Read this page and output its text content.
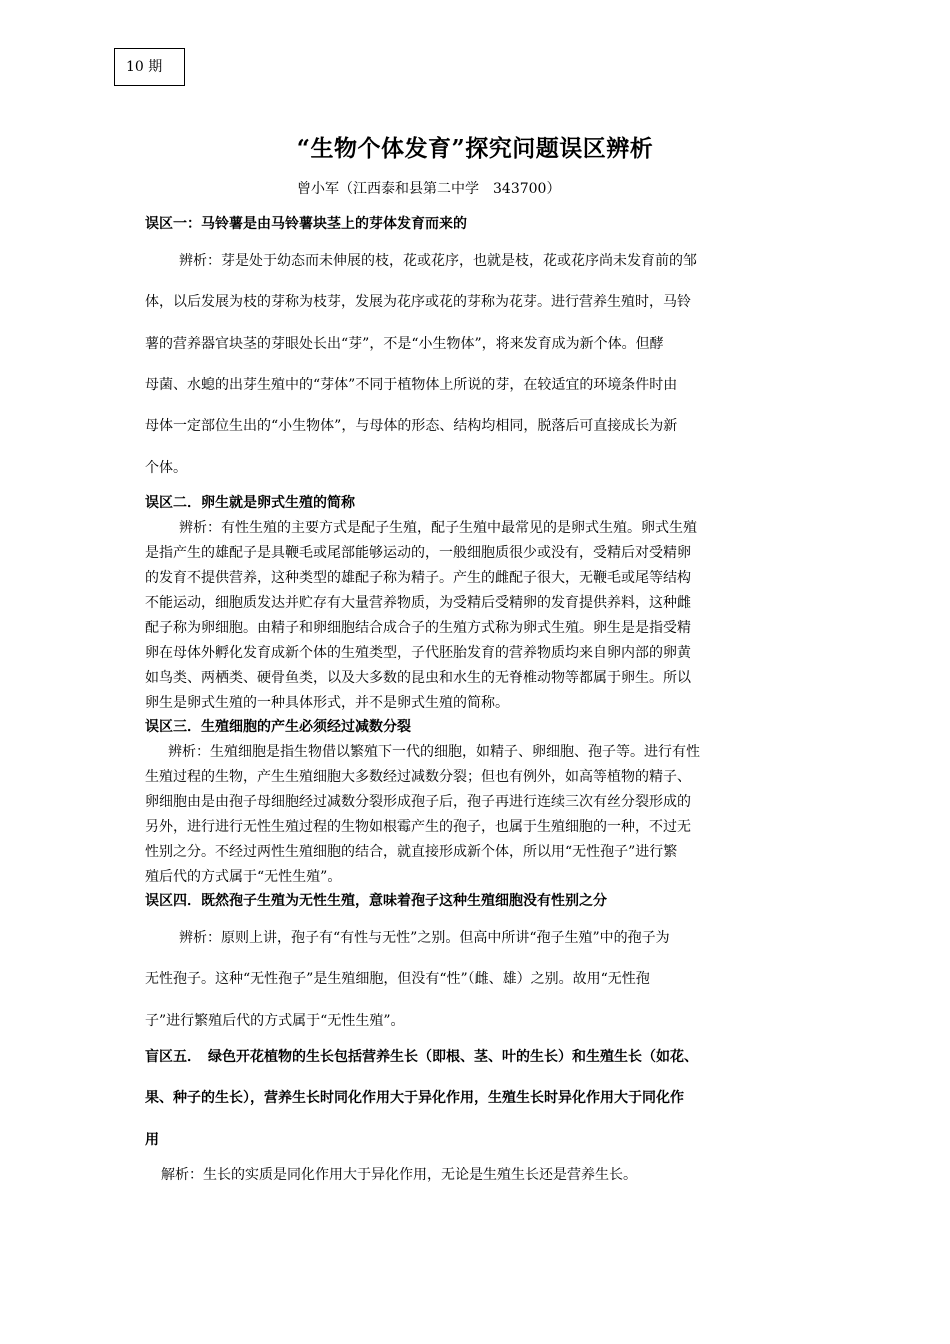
10 期
“生物个体发育”探究问题误区辨析
曾小军（江西泰和县第二中学　343700）
误区一：马铃薯是由马铃薯块茎上的芽体发育而来的
辨析：芽是处于幼态而未伸展的枝，花或花序，也就是枝，花或花序尚未发育前的邹
体，以后发展为枝的芽称为枝芽，发展为花序或花的芽称为花芽。进行营养生殖时，马铃
薯的营养器官块茎的芽眼处长出“芽”，不是“小生物体”，将来发育成为新个体。但酵
母菌、水螅的出芽生殖中的“芽体”不同于植物体上所说的芽，在较适宜的环境条件时由
母体一定部位生出的“小生物体”，与母体的形态、结构均相同，脱落后可直接成长为新
个体。
误区二．卵生就是卵式生殖的简称
辨析：有性生殖的主要方式是配子生殖，配子生殖中最常见的是卵式生殖。卵式生殖
是指产生的雄配子是具鞭毛或尾部能够运动的，一般细胞质很少或没有，受精后对受精卵
的发育不提供营养，这种类型的雄配子称为精子。产生的雌配子很大，无鞭毛或尾等结构
不能运动，细胞质发达并贮存有大量营养物质，为受精后受精卵的发育提供养料，这种雌
配子称为卵细胞。由精子和卵细胞结合成合子的生殖方式称为卵式生殖。卵生是是指受精
卵在母体外孵化发育成新个体的生殖类型，子代胚胎发育的营养物质均来自卵内部的卵黄
如鸟类、两栖类、硬骨鱼类，以及大多数的昆虫和水生的无脊椎动物等都属于卵生。所以
卵生是卵式生殖的一种具体形式，并不是卵式生殖的简称。
误区三．生殖细胞的产生必须经过减数分裂
辨析：生殖细胞是指生物借以繁殖下一代的细胞，如精子、卵细胞、孢子等。进行有性
生殖过程的生物，产生生殖细胞大多数经过减数分裂；但也有例外，如高等植物的精子、
卵细胞由是由孢子母细胞经过减数分裂形成孢子后，孢子再进行连续三次有丝分裂形成的
另外，进行进行无性生殖过程的生物如根霉产生的孢子，也属于生殖细胞的一种，不过无
性别之分。不经过两性生殖细胞的结合，就直接形成新个体，所以用“无性孢子”进行繁
殖后代的方式属于“无性生殖”。
误区四．既然孢子生殖为无性生殖，意味着孢子这种生殖细胞没有性别之分
辨析：原则上讲，孢子有“有性与无性”之别。但高中所讲“孢子生殖”中的孢子为
无性孢子。这种“无性孢子”是生殖细胞，但没有“性”（雌、雄）之别。故用“无性孢
子”进行繁殖后代的方式属于“无性生殖”。
盲区五．　绿色开花植物的生长包括营养生长（即根、茎、叶的生长）和生殖生长（如花、
果、种子的生长），营养生长时同化作用大于异化作用，生殖生长时异化作用大于同化作
用
解析：生长的实质是同化作用大于异化作用，无论是生殖生长还是营养生长。
